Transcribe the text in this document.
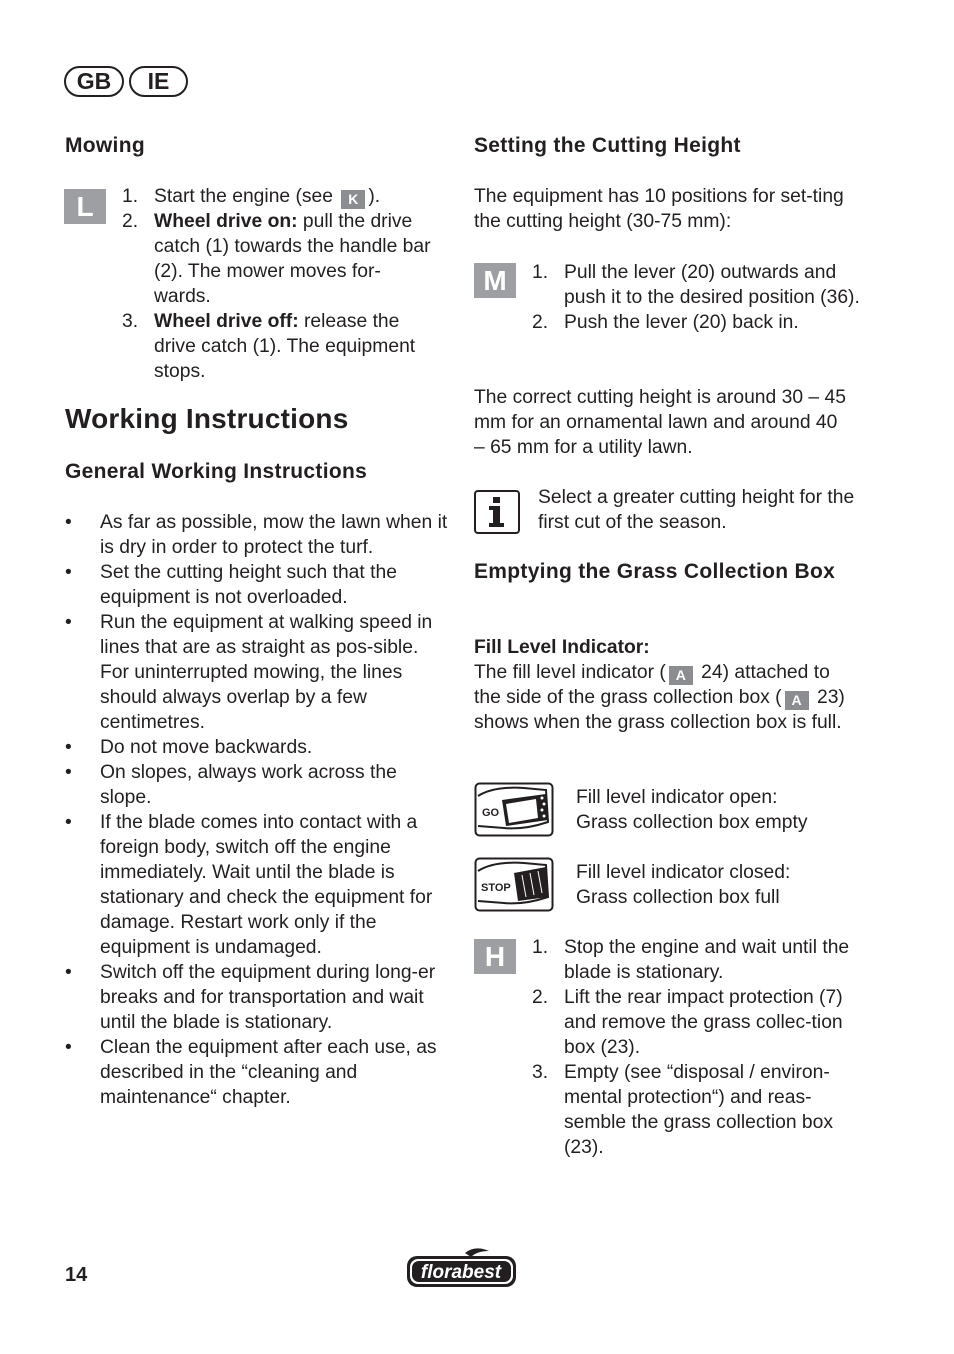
GB	IE
Mowing
L	1. Start the engine (see K ).
2. Wheel drive on: pull the drive catch (1) towards the handle bar (2). The mower moves for-wards.
3. Wheel drive off: release the drive catch (1). The equipment stops.
Working Instructions
General Working Instructions
• As far as possible, mow the lawn when it is dry in order to protect the turf.
• Set the cutting height such that the equipment is not overloaded.
• Run the equipment at walking speed in lines that are as straight as pos-sible. For uninterrupted mowing, the lines should always overlap by a few centimetres.
• Do not move backwards.
• On slopes, always work across the slope.
• If the blade comes into contact with a foreign body, switch off the engine immediately. Wait until the blade is stationary and check the equipment for damage. Restart work only if the equipment is undamaged.
• Switch off the equipment during long-er breaks and for transportation and wait until the blade is stationary.
• Clean the equipment after each use, as described in the “cleaning and maintenance“ chapter.
Setting the Cutting Height
The equipment has 10 positions for set-ting the cutting height (30-75 mm):
M	1. Pull the lever (20) outwards and push it to the desired position (36).
2. Push the lever (20) back in.
The correct cutting height is around 30 – 45 mm for an ornamental lawn and around 40 – 65 mm for a utility lawn.
Select a greater cutting height for the first cut of the season.
Emptying the Grass Collection Box
Fill Level Indicator:
The fill level indicator ( A 24) attached to the side of the grass collection box ( A 23) shows when the grass collection box is full.
GO
Fill level indicator open:
Grass collection box empty
STOP
Fill level indicator closed:
Grass collection box full
H	1. Stop the engine and wait until the blade is stationary.
2. Lift the rear impact protection (7) and remove the grass collec-tion box (23).
3. Empty (see “disposal / environ-mental protection“) and reas-semble the grass collection box (23).
14	florabest
